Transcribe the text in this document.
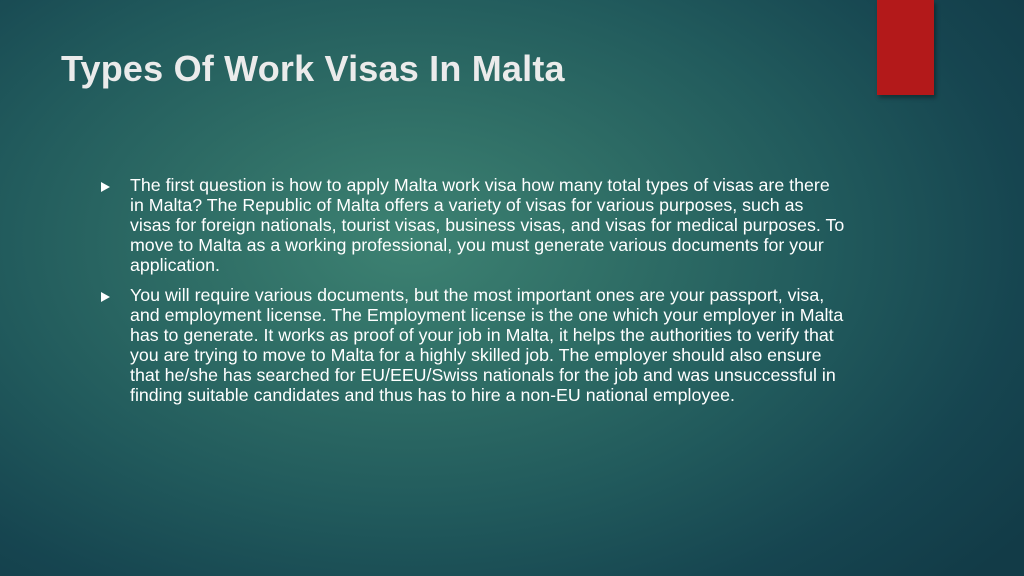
Types Of Work Visas In Malta
The first question is how to apply Malta work visa how many total types of visas are there in Malta? The Republic of Malta offers a variety of visas for various purposes, such as visas for foreign nationals, tourist visas, business visas, and visas for medical purposes. To move to Malta as a working professional, you must generate various documents for your application.
You will require various documents, but the most important ones are your passport, visa, and employment license. The Employment license is the one which your employer in Malta has to generate. It works as proof of your job in Malta, it helps the authorities to verify that you are trying to move to Malta for a highly skilled job. The employer should also ensure that he/she has searched for EU/EEU/Swiss nationals for the job and was unsuccessful in finding suitable candidates and thus has to hire a non-EU national employee.
